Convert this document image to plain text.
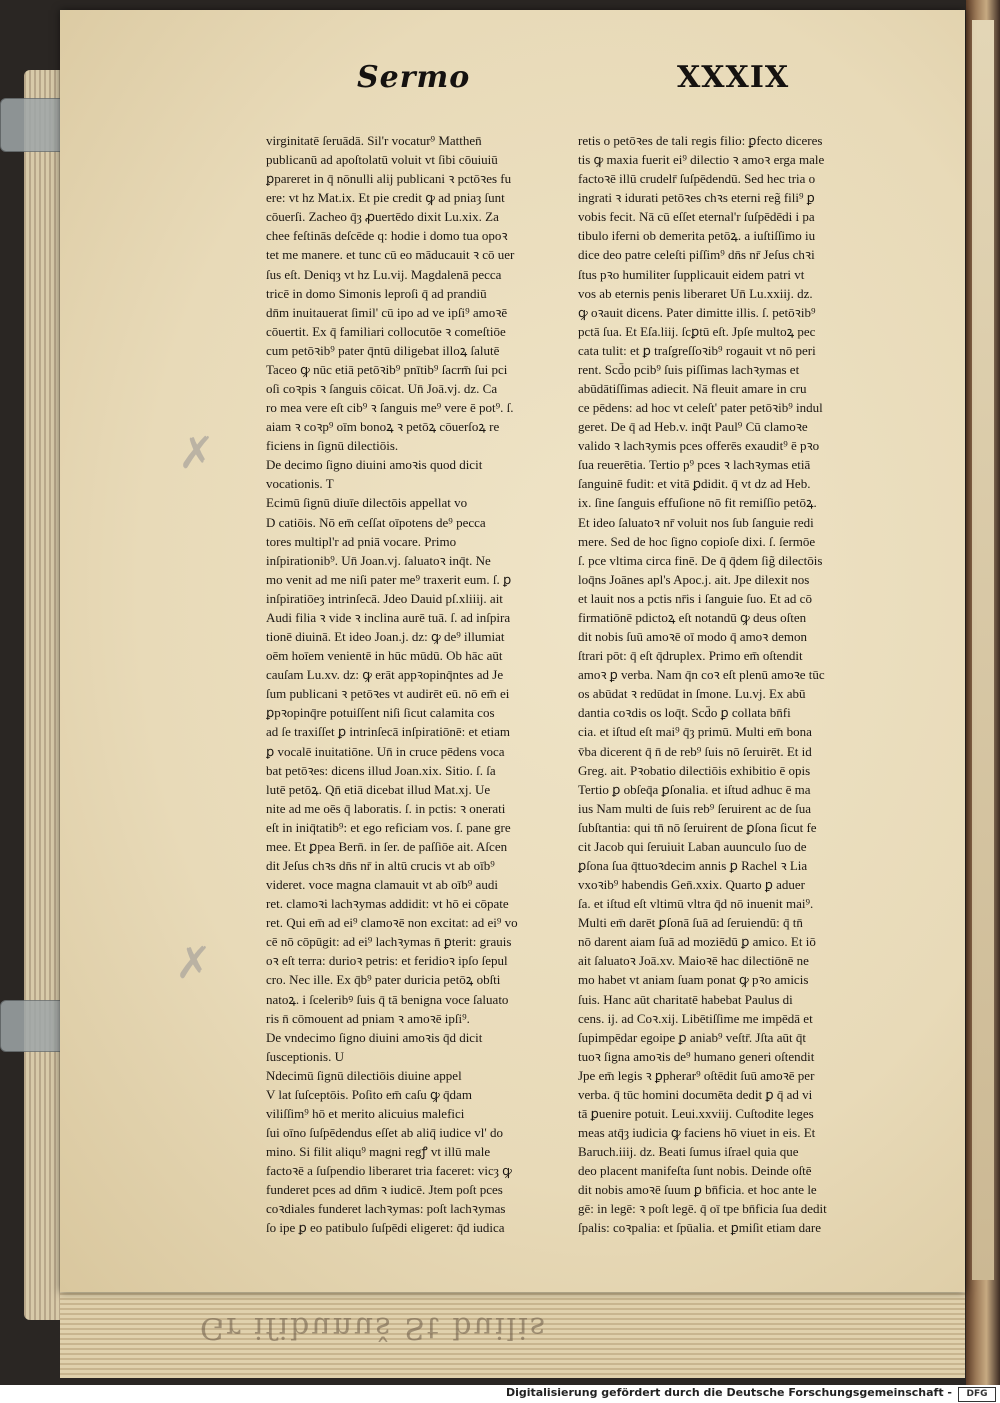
Gr iſibunuš St builis
Sermo	XXXIX
✗
✗
virginitatē ſeruādā. Sil'r vocatur⁹ Matthen̄
publicanū ad apoſtolatū voluit vt ſibi cōuiuiū
ꝑpareret in q̄ nōnulli alij publicani ꝛ pctōꝛes fu
ere: vt hz Mat.ix. Et pie credit ꝙ ad pniaȝ ſunt
cōuerſi. Zacheo q̄ȝ ꝓuertēdo dixit Lu.xix. Za
chee feſtinās deſcēde q: hodie i domo tua opoꝛ
tet me manere. et tunc cū eo māducauit ꝛ cō uer
ſus eſt. Deniqȝ vt hz Lu.vij. Magdalenā pecca
tricē in domo Simonis leproſi q̄ ad prandiū
dn̄m inuitauerat ſimil' cū ipo ad ve ipſi⁹ amoꝛē
cōuertit. Ex q̄ familiari collocutōe ꝛ comeſtiōe
cum petōꝛib⁹ pater q̄ntū diligebat illoꝝ ſalutē
Taceo ꝙ nūc etiā petōꝛib⁹ pnītib⁹ ſacrm̄ ſui pci
oſi coꝛpis ꝛ ſanguis cōicat. Un̄ Joā.vj. dz. Ca
ro mea vere eſt cib⁹ ꝛ ſanguis me⁹ vere ē pot⁹. ſ.
aiam ꝛ coꝛp⁹ oīm bonoꝝ ꝛ petōꝝ cōuerſoꝝ re
ficiens in ſignū dilectiōis.
De decimo ſigno diuini amoꝛis quod dicit
vocationis. T
Ecimū ſignū diuīe dilectōis appellat vo
D catiōis. Nō em̄ ceſſat oīpotens de⁹ pecca
tores multipl'r ad pniā vocare. Primo
inſpirationib⁹. Un̄ Joan.vj. ſaluatoꝛ inq̄t. Ne
mo venit ad me niſi pater me⁹ traxerit eum. ſ. ꝑ
inſpiratiōeȝ intrinſecā. Jdeo Dauid pſ.xliiij. ait
Audi filia ꝛ vide ꝛ inclina aurē tuā. ſ. ad inſpira
tionē diuinā. Et ideo Joan.j. dz: ꝙ de⁹ illumiat
oēm hoīem venientē in hūc mūdū. Ob hāc aūt
cauſam Lu.xv. dz: ꝙ erāt appꝛopinq̄ntes ad Je
ſum publicani ꝛ petōꝛes vt audirēt eū. nō em̄ ei
ꝑpꝛopinq̄re potuiſſent niſi ſicut calamita cos
ad ſe traxiſſet ꝑ intrinſecā inſpiratiōnē: et etiam
ꝑ vocalē inuitatiōne. Un̄ in cruce pēdens voca
bat petōꝛes: dicens illud Joan.xix. Sitio. ſ. ſa
lutē petōꝝ. Qn̄ etiā dicebat illud Mat.xj. Ue
nite ad me oēs q̄ laboratis. ſ. in pctis: ꝛ onerati
eſt in iniq̄tatib⁹: et ego reficiam vos. ſ. pane gre
mee. Et ꝑpea Bern̄. in ſer. de paſſiōe ait. Aſcen
dit Jeſus chꝛs dn̄s nr̄ in altū crucis vt ab oīb⁹
videret. voce magna clamauit vt ab oīb⁹ audi
ret. clamoꝛi lachꝛymas addidit: vt hō ei cōpate
ret. Qui em̄ ad ei⁹ clamoꝛē non excitat: ad ei⁹ vo
cē nō cōpūgit: ad ei⁹ lachꝛymas n̄ ꝑterit: grauis
oꝛ eſt terra: durioꝛ petris: et feridioꝛ ipſo ſepul
cro. Nec ille. Ex q̄b⁹ pater duricia petōꝝ obſti
natoꝝ. i ſceleribꝰ ſuis q̄ tā benigna voce ſaluato
ris n̄ cōmouent ad pniam ꝛ amoꝛē ipſi⁹.
De vndecimo ſigno diuini amoꝛis q̄d dicit
ſusceptionis. U
Ndecimū ſignū dilectiōis diuine appel
V lat ſuſceptōis. Poſito em̄ caſu ꝙ q̄dam
viliſſim⁹ hō et merito alicuius malefici
ſui oīno ſuſpēdendus eſſet ab aliq̄ iudice vl' do
mino. Si filit aliqu⁹ magni regꝭ vt illū male
factoꝛē a ſuſpendio liberaret tria faceret: vicȝ ꝙ
funderet pces ad dn̄m ꝛ iudicē. Jtem poſt pces
coꝛdiales funderet lachꝛymas: poſt lachꝛymas
ſo ipe ꝑ eo patibulo ſuſpēdi eligeret: q̄d iudica
retis o petōꝛes de tali regis filio: ꝑfecto diceres
tis ꝙ maxia fuerit ei⁹ dilectio ꝛ amoꝛ erga male
factoꝛē illū crudelr̄ ſuſpēdendū. Sed hec tria o
ingrati ꝛ idurati petōꝛes chꝛs eterni reg̃ fili⁹ ꝑ
vobis fecit. Nā cū eſſet eternal'r ſuſpēdēdi i pa
tibulo iferni ob demerita petōꝝ. a iuſtiſſimo iu
dice deo patre celeſti piſſim⁹ dn̄s nr̄ Jeſus chꝛi
ſtus pꝛo humiliter ſupplicauit eidem patri vt
vos ab eternis penis liberaret Un̄ Lu.xxiij. dz.
ꝙ oꝛauit dicens. Pater dimitte illis. ſ. petōꝛib⁹
pctā ſua. Et Eſa.liij. ſcꝑtū eſt. Jpſe multoꝝ pec
cata tulit: et ꝑ traſgreſſoꝛib⁹ rogauit vt nō peri
rent. Scd̄o pcib⁹ ſuis piſſimas lachꝛymas et
abūdātiſſimas adiecit. Nā fleuit amare in cru
ce pēdens: ad hoc vt celeſt' pater petōꝛib⁹ indul
geret. De q̄ ad Heb.v. inq̄t Paul⁹ Cū clamoꝛe
valido ꝛ lachꝛymis pces offerēs exaudit⁹ ē pꝛo
ſua reuerētia. Tertio p⁹ pces ꝛ lachꝛymas etiā
ſanguinē fudit: et vitā ꝑdidit. q̄ vt dz ad Heb.
ix. ſine ſanguis effuſione nō fit remiſſio petōꝝ.
Et ideo ſaluatoꝛ nr̄ voluit nos ſub ſanguie redi
mere. Sed de hoc ſigno copioſe dixi. ſ. ſermōe
ſ. pce vltima circa finē. De q̄ q̄dem ſig̃ dilectōis
loq̄ns Joānes apl's Apoc.j. ait. Jpe dilexit nos
et lauit nos a pctis nr̄is i ſanguie ſuo. Et ad cō
firmatiōnē pdictoꝝ eſt notandū ꝙ deus oſten
dit nobis ſuū amoꝛē oī modo q̄ amoꝛ demon
ſtrari pōt: q̄ eſt q̄druplex. Primo em̄ oſtendit
amoꝛ ꝑ verba. Nam q̄n coꝛ eſt plenū amoꝛe tūc
os abūdat ꝛ redūdat in ſmone. Lu.vj. Ex abū
dantia coꝛdis os loq̄t. Scd̄o ꝑ collata bn̄fi
cia. et iſtud eſt mai⁹ q̄ȝ primū. Multi em̄ bona
v̄ba dicerent q̄ n̄ de reb⁹ ſuis nō ſeruirēt. Et id
Greg. ait. Pꝛobatio dilectiōis exhibitio ē opis
Tertio ꝑ obſeq̄a ꝑſonalia. et iſtud adhuc ē ma
ius Nam multi de ſuis reb⁹ ſeruirent ac de ſua
ſubſtantia: qui tn̄ nō ſeruirent de ꝑſona ſicut fe
cit Jacob qui ſeruiuit Laban auunculo ſuo de
ꝑſona ſua q̄ttuoꝛdecim annis ꝑ Rachel ꝛ Lia
vxoꝛib⁹ habendis Gen̄.xxix. Quarto ꝑ aduer
ſa. et iſtud eſt vltimū vltra q̄d nō inuenit mai⁹.
Multi em̄ darēt ꝑſonā ſuā ad ſeruiendū: q̄ tn̄
nō darent aiam ſuā ad moziēdū ꝑ amico. Et iō
ait ſaluatoꝛ Joā.xv. Maioꝛē hac dilectiōnē ne
mo habet vt aniam ſuam ponat ꝙ pꝛo amicis
ſuis. Hanc aūt charitatē habebat Paulus di
cens. ij. ad Coꝛ.xij. Libētiſſime me impēdā et
ſupimpēdar egoipe ꝑ aniab⁹ veſtr̄. Jſta aūt q̄t
tuoꝛ ſigna amoꝛis de⁹ humano generi oſtendit
Jpe em̄ legis ꝛ ꝑpherar⁹ oſtēdit ſuū amoꝛē per
verba. q̄ tūc homini documēta dedit ꝑ q̄ ad vi
tā ꝑuenire potuit. Leui.xxviij. Cuſtodite leges
meas atq̄ȝ iudicia ꝙ faciens hō viuet in eis. Et
Baruch.iiij. dz. Beati ſumus iſrael quia que
deo placent manifeſta ſunt nobis. Deinde oſtē
dit nobis amoꝛē ſuum ꝑ bn̄ficia. et hoc ante le
gē: in legē: ꝛ poſt legē. q̄ oī tpe bn̄ficia ſua dedit
ſpalis: coꝛpalia: et ſpūalia. et ꝑmiſit etiam dare
Digitalisierung gefördert durch die Deutsche Forschungsgemeinschaft -	DFG
